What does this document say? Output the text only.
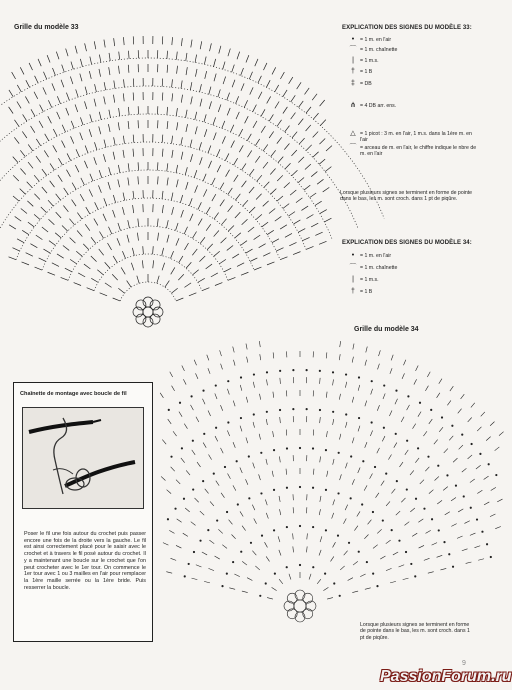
Grille du modèle 33
Grille du modèle 34
EXPLICATION DES SIGNES DU MODÈLE 33:
•	= 1 m. en l'air
⌒ = 1 m. chaînette
|	= 1 m.s.
† = 1 B
‡ = DB
⋔ = 4 DB arr. ens.
△ = 1 picot : 3 m. en l'air, 1 m.s. dans la 1ère m. en l'air
⌒ = arceau de m. en l'air, le chiffre indique le nbre de m. en l'air
Lorsque plusieurs signes se terminent en forme de pointe dans le bas, les m. sont croch. dans 1 pt de piqûre.
EXPLICATION DES SIGNES DU MODÈLE 34:
•	= 1 m. en l'air
⌒ = 1 m. chaînette
|	= 1 m.s.
† = 1 B
Chaînette de montage avec boucle de fil
Poser le fil une fois autour du crochet puis passer encore une fois de la droite vers la gauche. Le fil est ainsi correctement placé pour le saisir avec le crochet et à travers le fil posé autour du crochet. Il y a maintenant une boucle sur le crochet que l'on peut crocheter avec le 1er tour. On commence le 1er tour avec 1 ou 3 mailles en l'air pour remplacer la 1ère maille serrée ou la 1ère bride. Puis resserrer la boucle.
Lorsque plusieurs signes se terminent en forme de pointe dans le bas, les m. sont croch. dans 1 pt de piqûre.
9
PassionForum.ru
